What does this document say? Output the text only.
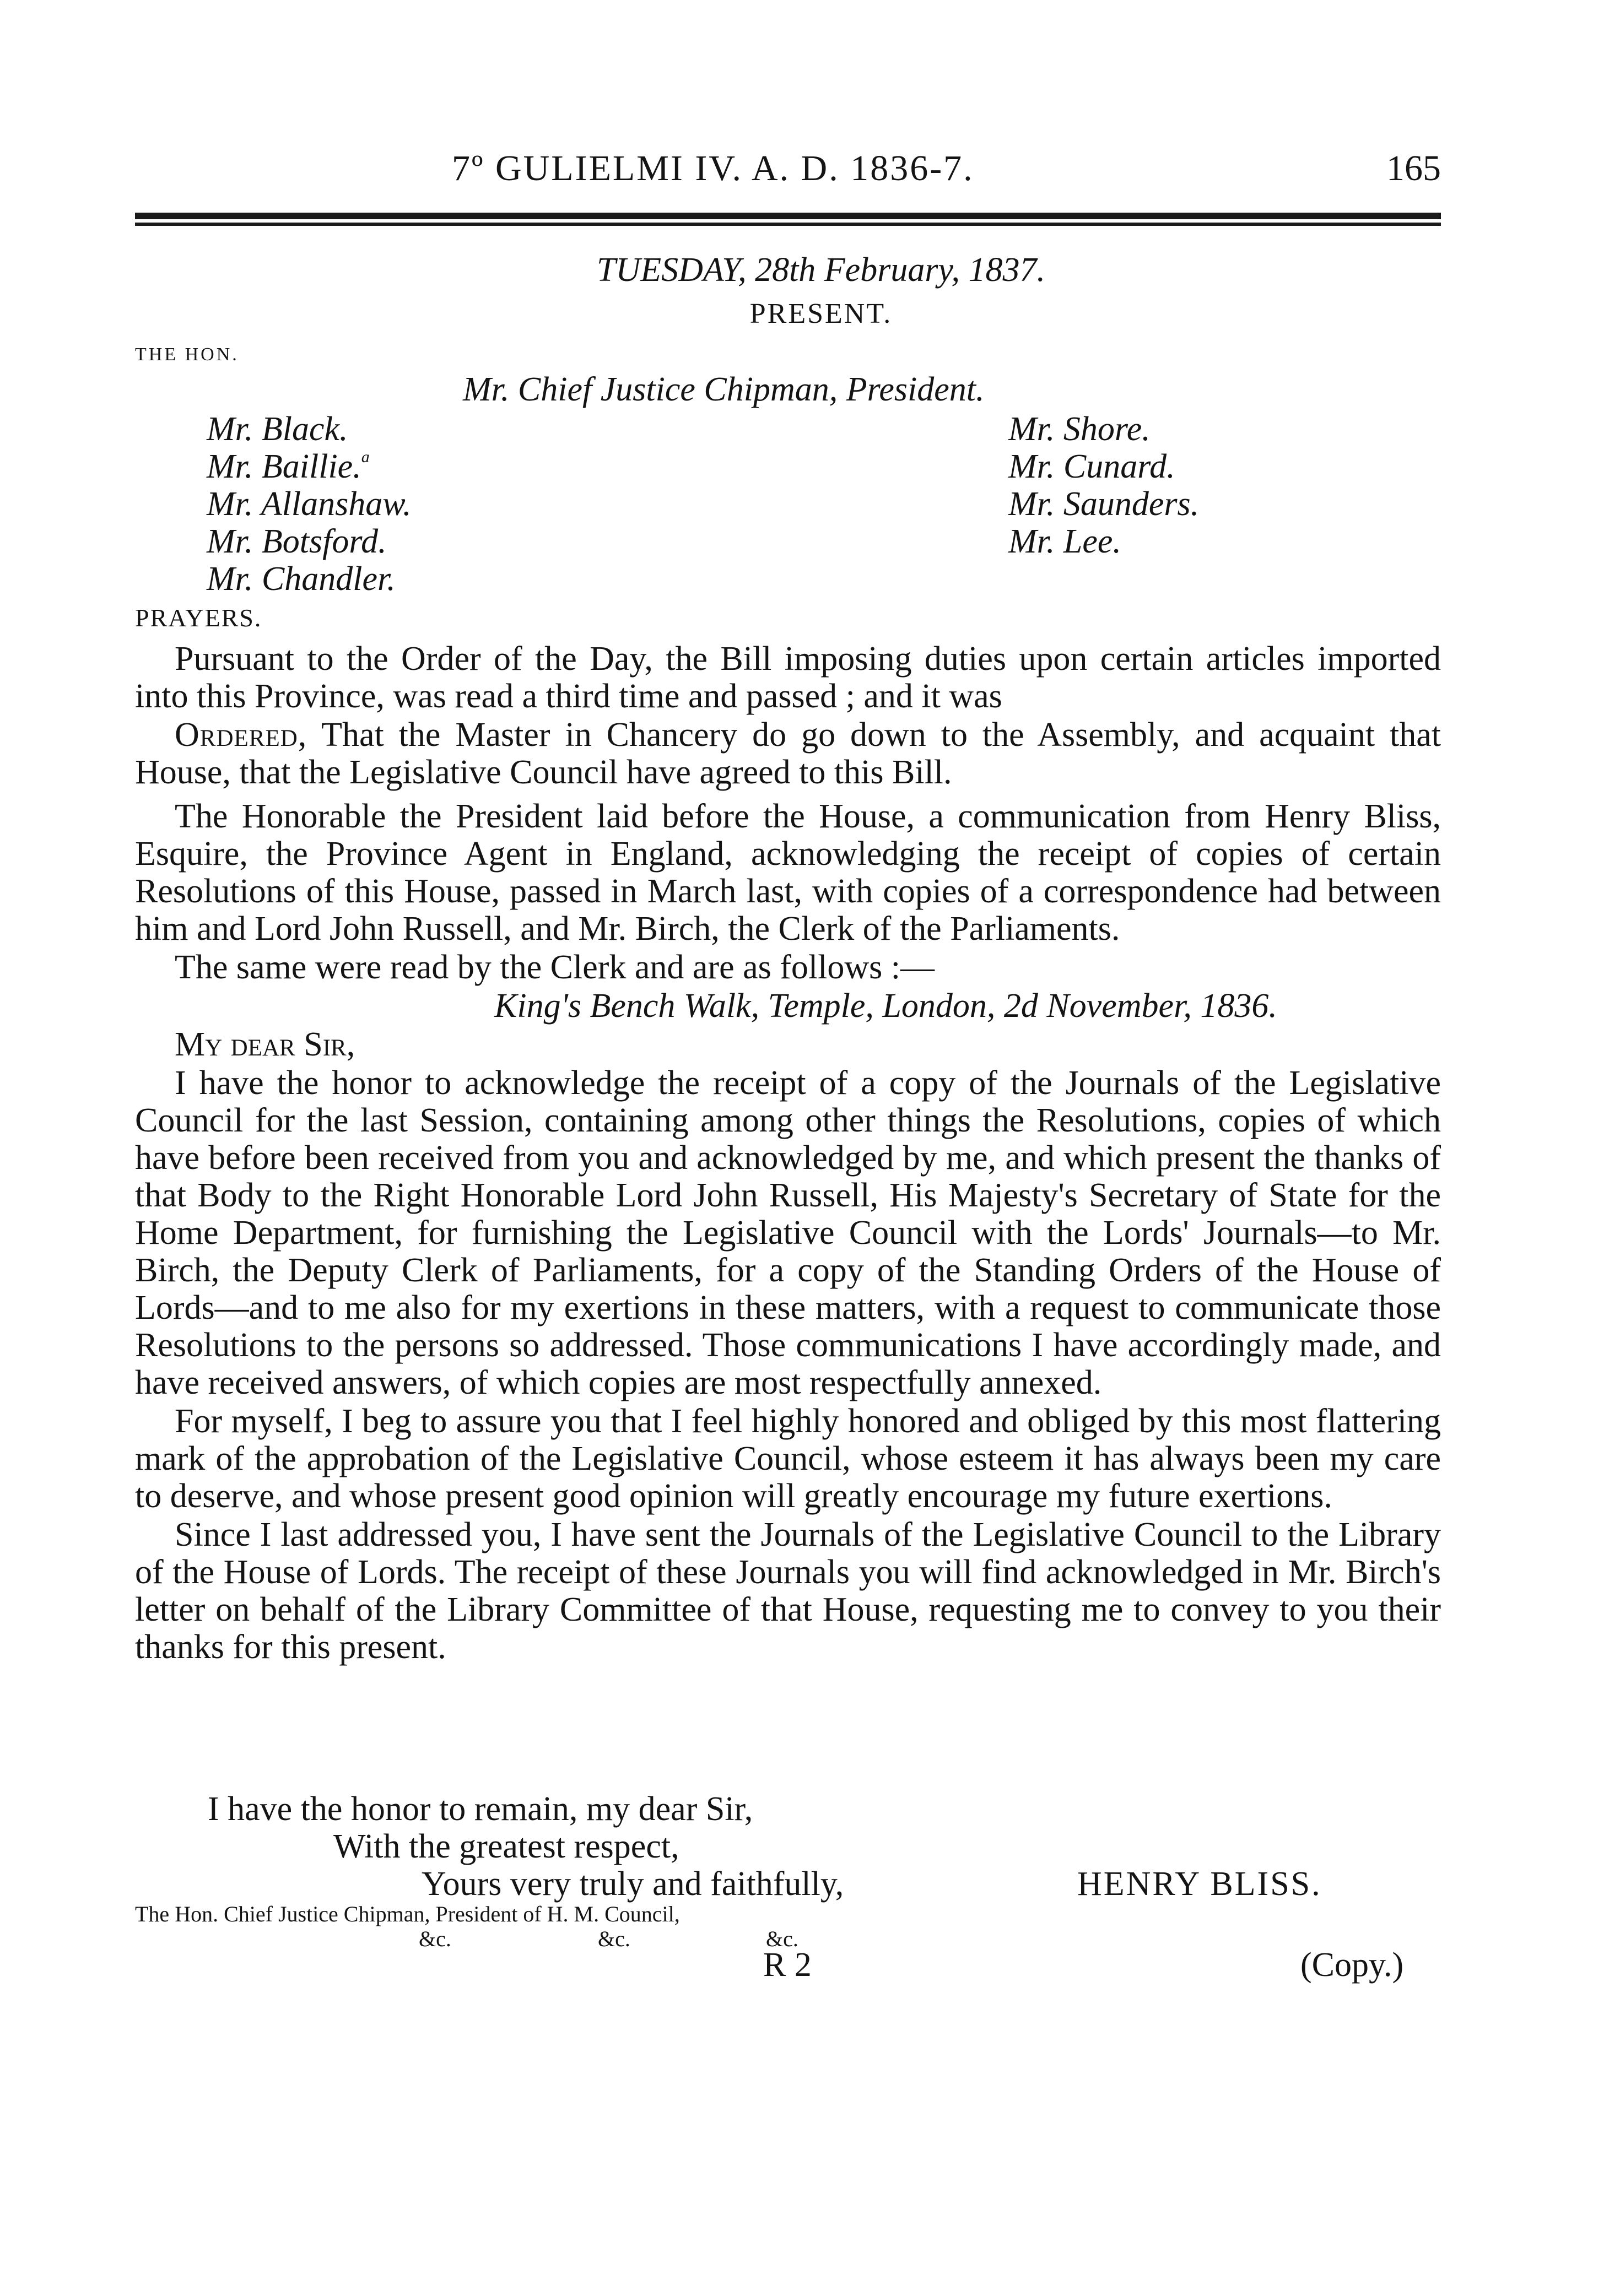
7º GULIELMI IV. A. D. 1836-7.	165
TUESDAY, 28th February, 1837.
PRESENT.
THE HON.
Mr. Chief Justice Chipman, President.
Mr. Black.
Mr. Baillie.$^a$
Mr. Allanshaw.
Mr. Botsford.
Mr. Chandler.
Mr. Shore.
Mr. Cunard.
Mr. Saunders.
Mr. Lee.
PRAYERS.

Pursuant to the Order of the Day, the Bill imposing duties upon certain articles imported into this Province, was read a third time and passed ; and it was

Ordered, That the Master in Chancery do go down to the Assembly, and acquaint that House, that the Legislative Council have agreed to this Bill.

The Honorable the President laid before the House, a communication from Henry Bliss, Esquire, the Province Agent in England, acknowledging the receipt of copies of certain Resolutions of this House, passed in March last, with copies of a correspondence had between him and Lord John Russell, and Mr. Birch, the Clerk of the Parliaments.

The same were read by the Clerk and are as follows :—

King's Bench Walk, Temple, London, 2d November, 1836.

My dear Sir,

I have the honor to acknowledge the receipt of a copy of the Journals of the Legislative Council for the last Session, containing among other things the Resolutions, copies of which have before been received from you and acknowledged by me, and which present the thanks of that Body to the Right Honorable Lord John Russell, His Majesty's Secretary of State for the Home Department, for furnishing the Legislative Council with the Lords' Journals—to Mr. Birch, the Deputy Clerk of Parliaments, for a copy of the Standing Orders of the House of Lords—and to me also for my exertions in these matters, with a request to communicate those Resolutions to the persons so addressed. Those communications I have accordingly made, and have received answers, of which copies are most respectfully annexed.

For myself, I beg to assure you that I feel highly honored and obliged by this most flattering mark of the approbation of the Legislative Council, whose esteem it has always been my care to deserve, and whose present good opinion will greatly encourage my future exertions.

Since I last addressed you, I have sent the Journals of the Legislative Council to the Library of the House of Lords. The receipt of these Journals you will find acknowledged in Mr. Birch's letter on behalf of the Library Committee of that House, requesting me to convey to you their thanks for this present.

I have the honor to remain, my dear Sir,
With the greatest respect,
Yours very truly and faithfully,	HENRY BLISS.
The Hon. Chief Justice Chipman, President of H. M. Council,
&c.	&c.	&c.
R 2	(Copy.)
